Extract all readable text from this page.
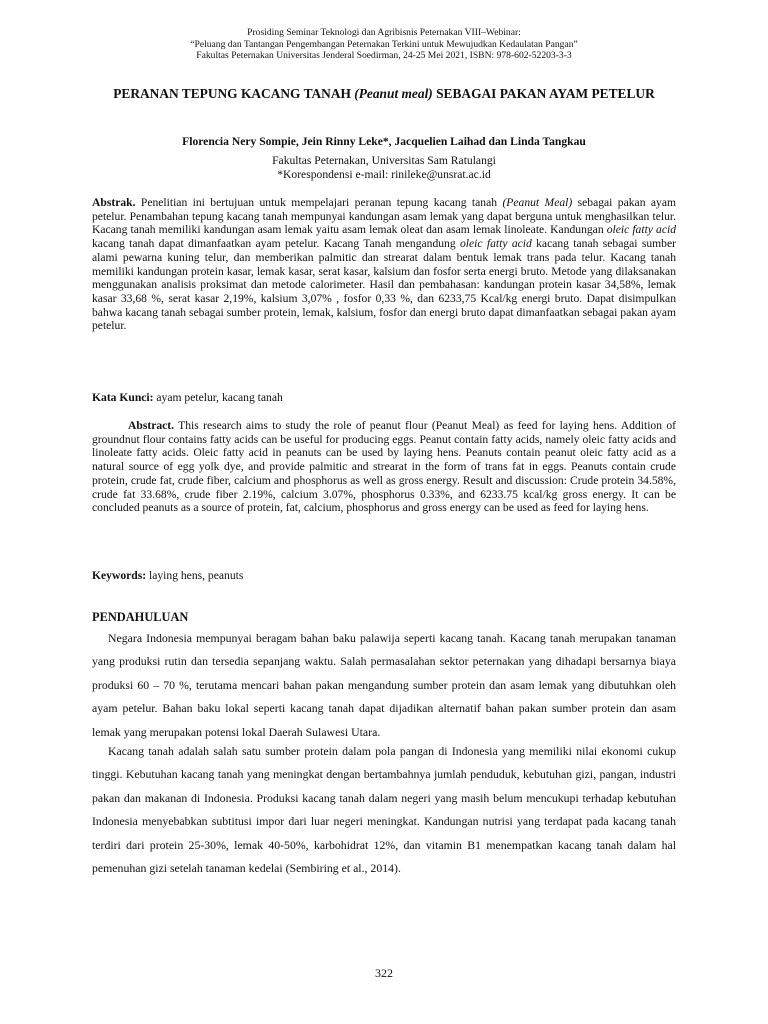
Prosiding Seminar Teknologi dan Agribisnis Peternakan VIII–Webinar:
“Peluang dan Tantangan Pengembangan Peternakan Terkini untuk Mewujudkan Kedaulatan Pangan”
Fakultas Peternakan Universitas Jenderal Soedirman, 24-25 Mei 2021, ISBN: 978-602-52203-3-3
PERANAN TEPUNG KACANG TANAH (Peanut meal) SEBAGAI PAKAN AYAM PETELUR
Florencia Nery Sompie, Jein Rinny Leke*, Jacquelien Laihad dan Linda Tangkau
Fakultas Peternakan, Universitas Sam Ratulangi
*Korespondensi e-mail: rinileke@unsrat.ac.id
Abstrak. Penelitian ini bertujuan untuk mempelajari peranan tepung kacang tanah (Peanut Meal) sebagai pakan ayam petelur. Penambahan tepung kacang tanah mempunyai kandungan asam lemak yang dapat berguna untuk menghasilkan telur. Kacang tanah memiliki kandungan asam lemak yaitu asam lemak oleat dan asam lemak linoleate. Kandungan oleic fatty acid kacang tanah dapat dimanfaatkan ayam petelur. Kacang Tanah mengandung oleic fatty acid kacang tanah sebagai sumber alami pewarna kuning telur, dan memberikan palmitic dan strearat dalam bentuk lemak trans pada telur. Kacang tanah memiliki kandungan protein kasar, lemak kasar, serat kasar, kalsium dan fosfor serta energi bruto. Metode yang dilaksanakan menggunakan analisis proksimat dan metode calorimeter. Hasil dan pembahasan: kandungan protein kasar 34,58%, lemak kasar 33,68 %, serat kasar 2,19%, kalsium 3,07% , fosfor 0,33 %, dan 6233,75 Kcal/kg energi bruto. Dapat disimpulkan bahwa kacang tanah sebagai sumber protein, lemak, kalsium, fosfor dan energi bruto dapat dimanfaatkan sebagai pakan ayam petelur.
Kata Kunci: ayam petelur, kacang tanah
Abstract. This research aims to study the role of peanut flour (Peanut Meal) as feed for laying hens. Addition of groundnut flour contains fatty acids can be useful for producing eggs. Peanut contain fatty acids, namely oleic fatty acids and linoleate fatty acids. Oleic fatty acid in peanuts can be used by laying hens. Peanuts contain peanut oleic fatty acid as a natural source of egg yolk dye, and provide palmitic and strearat in the form of trans fat in eggs. Peanuts contain crude protein, crude fat, crude fiber, calcium and phosphorus as well as gross energy. Result and discussion: Crude protein 34.58%, crude fat 33.68%, crude fiber 2.19%, calcium 3.07%, phosphorus 0.33%, and 6233.75 kcal/kg gross energy. It can be concluded peanuts as a source of protein, fat, calcium, phosphorus and gross energy can be used as feed for laying hens.
Keywords: laying hens, peanuts
PENDAHULUAN
Negara Indonesia mempunyai beragam bahan baku palawija seperti kacang tanah. Kacang tanah merupakan tanaman yang produksi rutin dan tersedia sepanjang waktu. Salah permasalahan sektor peternakan yang dihadapi bersarnya biaya produksi 60 – 70 %, terutama mencari bahan pakan mengandung sumber protein dan asam lemak yang dibutuhkan oleh ayam petelur. Bahan baku lokal seperti kacang tanah dapat dijadikan alternatif bahan pakan sumber protein dan asam lemak yang merupakan potensi lokal Daerah Sulawesi Utara.
Kacang tanah adalah salah satu sumber protein dalam pola pangan di Indonesia yang memiliki nilai ekonomi cukup tinggi. Kebutuhan kacang tanah yang meningkat dengan bertambahnya jumlah penduduk, kebutuhan gizi, pangan, industri pakan dan makanan di Indonesia. Produksi kacang tanah dalam negeri yang masih belum mencukupi terhadap kebutuhan Indonesia menyebabkan subtitusi impor dari luar negeri meningkat. Kandungan nutrisi yang terdapat pada kacang tanah terdiri dari protein 25-30%, lemak 40-50%, karbohidrat 12%, dan vitamin B1 menempatkan kacang tanah dalam hal pemenuhan gizi setelah tanaman kedelai (Sembiring et al., 2014).
322
